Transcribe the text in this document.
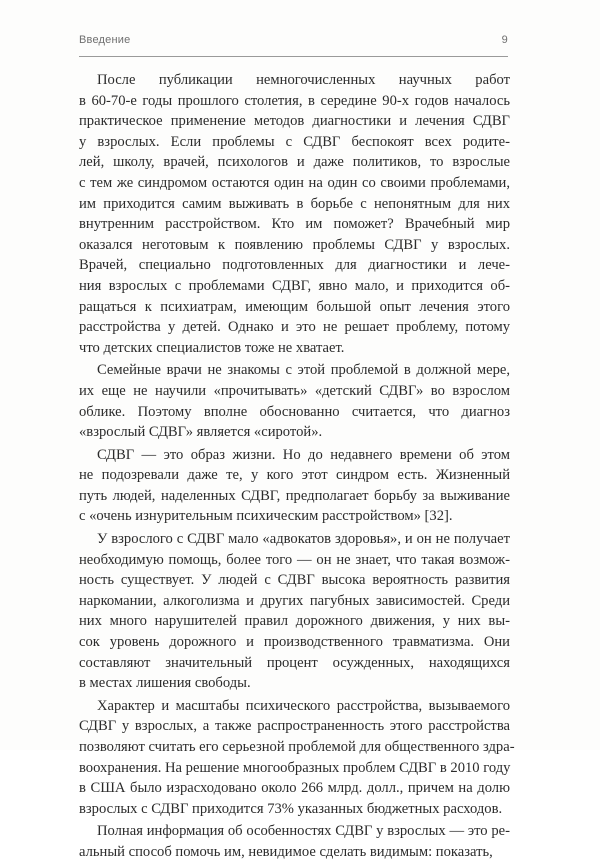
Введение	9
После публикации немногочисленных научных работ
в 60-70-е годы прошлого столетия, в середине 90-х годов началось
практическое применение методов диагностики и лечения СДВГ
у взрослых. Если проблемы с СДВГ беспокоят всех родите-
лей, школу, врачей, психологов и даже политиков, то взрослые
с тем же синдромом остаются один на один со своими проблемами,
им приходится самим выживать в борьбе с непонятным для них
внутренним расстройством. Кто им поможет? Врачебный мир
оказался неготовым к появлению проблемы СДВГ у взрослых.
Врачей, специально подготовленных для диагностики и лече-
ния взрослых с проблемами СДВГ, явно мало, и приходится об-
ращаться к психиатрам, имеющим большой опыт лечения этого
расстройства у детей. Однако и это не решает проблему, потому
что детских специалистов тоже не хватает.
Семейные врачи не знакомы с этой проблемой в должной мере,
их еще не научили «прочитывать» «детский СДВГ» во взрослом
облике. Поэтому вполне обоснованно считается, что диагноз
«взрослый СДВГ» является «сиротой».
СДВГ — это образ жизни. Но до недавнего времени об этом
не подозревали даже те, у кого этот синдром есть. Жизненный
путь людей, наделенных СДВГ, предполагает борьбу за выживание
с «очень изнурительным психическим расстройством» [32].
У взрослого с СДВГ мало «адвокатов здоровья», и он не получает
необходимую помощь, более того — он не знает, что такая возмож-
ность существует. У людей с СДВГ высока вероятность развития
наркомании, алкоголизма и других пагубных зависимостей. Среди
них много нарушителей правил дорожного движения, у них вы-
сок уровень дорожного и производственного травматизма. Они
составляют значительный процент осужденных, находящихся
в местах лишения свободы.
Характер и масштабы психического расстройства, вызываемого
СДВГ у взрослых, а также распространенность этого расстройства
позволяют считать его серьезной проблемой для общественного здра-
воохранения. На решение многообразных проблем СДВГ в 2010 году
в США было израсходовано около 266 млрд. долл., причем на долю
взрослых с СДВГ приходится 73% указанных бюджетных расходов.
Полная информация об особенностях СДВГ у взрослых — это ре-
альный способ помочь им, невидимое сделать видимым: показать,
